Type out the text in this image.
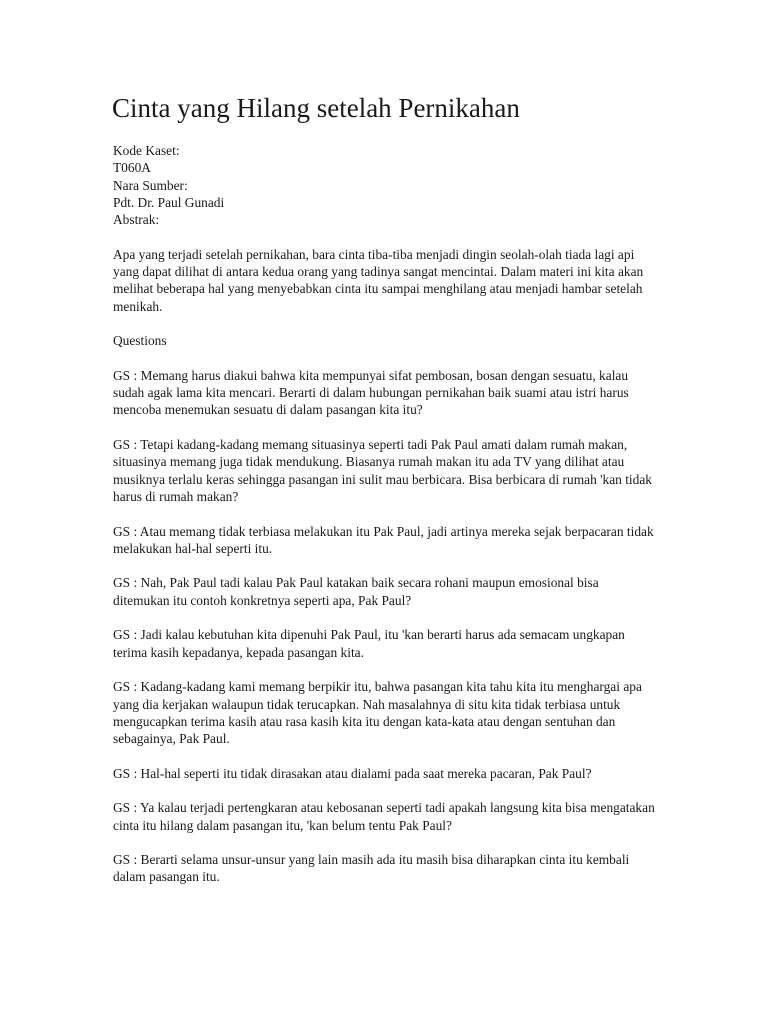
Cinta yang Hilang setelah Pernikahan
Kode Kaset:
T060A
Nara Sumber:
Pdt. Dr. Paul Gunadi
Abstrak:

Apa yang terjadi setelah pernikahan, bara cinta tiba-tiba menjadi dingin seolah-olah tiada lagi api yang dapat dilihat di antara kedua orang yang tadinya sangat mencintai. Dalam materi ini kita akan melihat beberapa hal yang menyebabkan cinta itu sampai menghilang atau menjadi hambar setelah menikah.

Questions

GS : Memang harus diakui bahwa kita mempunyai sifat pembosan, bosan dengan sesuatu, kalau sudah agak lama kita mencari. Berarti di dalam hubungan pernikahan baik suami atau istri harus mencoba menemukan sesuatu di dalam pasangan kita itu?

GS : Tetapi kadang-kadang memang situasinya seperti tadi Pak Paul amati dalam rumah makan, situasinya memang juga tidak mendukung. Biasanya rumah makan itu ada TV yang dilihat atau musiknya terlalu keras sehingga pasangan ini sulit mau berbicara. Bisa berbicara di rumah 'kan tidak harus di rumah makan?

GS : Atau memang tidak terbiasa melakukan itu Pak Paul, jadi artinya mereka sejak berpacaran tidak melakukan hal-hal seperti itu.

GS : Nah, Pak Paul tadi kalau Pak Paul katakan baik secara rohani maupun emosional bisa ditemukan itu contoh konkretnya seperti apa, Pak Paul?

GS : Jadi kalau kebutuhan kita dipenuhi Pak Paul, itu 'kan berarti harus ada semacam ungkapan terima kasih kepadanya, kepada pasangan kita.

GS : Kadang-kadang kami memang berpikir itu, bahwa pasangan kita tahu kita itu menghargai apa yang dia kerjakan walaupun tidak terucapkan. Nah masalahnya di situ kita tidak terbiasa untuk mengucapkan terima kasih atau rasa kasih kita itu dengan kata-kata atau dengan sentuhan dan sebagainya, Pak Paul.

GS : Hal-hal seperti itu tidak dirasakan atau dialami pada saat mereka pacaran, Pak Paul?

GS : Ya kalau terjadi pertengkaran atau kebosanan seperti tadi apakah langsung kita bisa mengatakan cinta itu hilang dalam pasangan itu, 'kan belum tentu Pak Paul?

GS : Berarti selama unsur-unsur yang lain masih ada itu masih bisa diharapkan cinta itu kembali dalam pasangan itu.
